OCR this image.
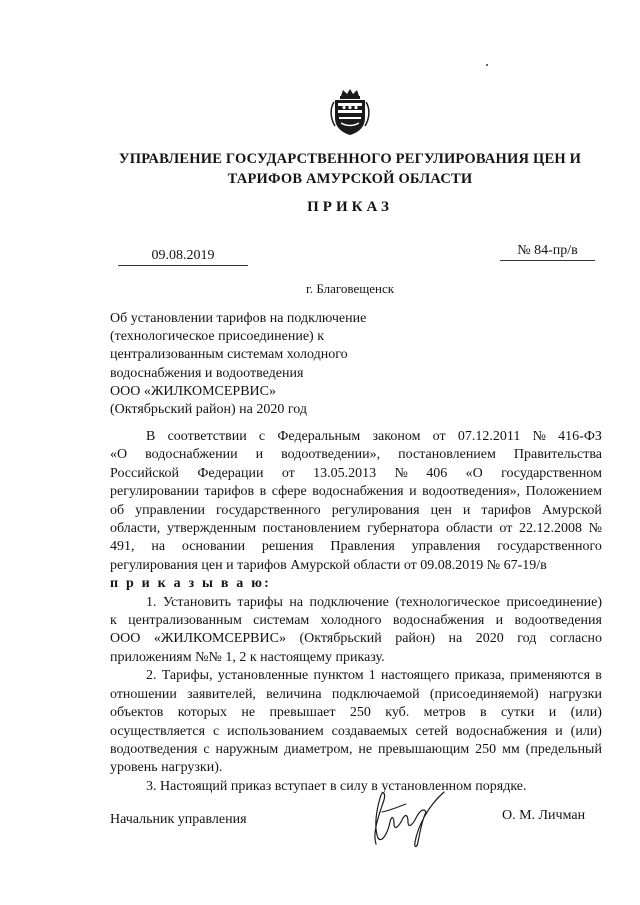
УПРАВЛЕНИЕ ГОСУДАРСТВЕННОГО РЕГУЛИРОВАНИЯ ЦЕН И
ТАРИФОВ АМУРСКОЙ ОБЛАСТИ
ПРИКАЗ
09.08.2019	№ 84-пр/в
г. Благовещенск
Об установлении тарифов на подключение
(технологическое присоединение) к
централизованным системам холодного
водоснабжения и водоотведения
ООО «ЖИЛКОМСЕРВИС»
(Октябрьский район) на 2020 год
В соответствии с Федеральным законом от 07.12.2011 № 416-ФЗ
«О водоснабжении и водоотведении», постановлением Правительства
Российской Федерации от 13.05.2013 № 406 «О государственном
регулировании тарифов в сфере водоснабжения и водоотведения», Положением
об управлении государственного регулирования цен и тарифов Амурской
области, утвержденным постановлением губернатора области от 22.12.2008 №
491, на основании решения Правления управления государственного
регулирования цен и тарифов Амурской области от 09.08.2019 № 67-19/в
п р и к а з ы в а ю:
1. Установить тарифы на подключение (технологическое присоединение)
к централизованным системам холодного водоснабжения и водоотведения
ООО «ЖИЛКОМСЕРВИС» (Октябрьский район) на 2020 год согласно
приложениям №№ 1, 2 к настоящему приказу.
2. Тарифы, установленные пунктом 1 настоящего приказа, применяются в
отношении заявителей, величина подключаемой (присоединяемой) нагрузки
объектов которых не превышает 250 куб. метров в сутки и (или)
осуществляется с использованием создаваемых сетей водоснабжения и (или)
водоотведения с наружным диаметром, не превышающим 250 мм (предельный
уровень нагрузки).
3. Настоящий приказ вступает в силу в установленном порядке.
Начальник управления	О. М. Личман
